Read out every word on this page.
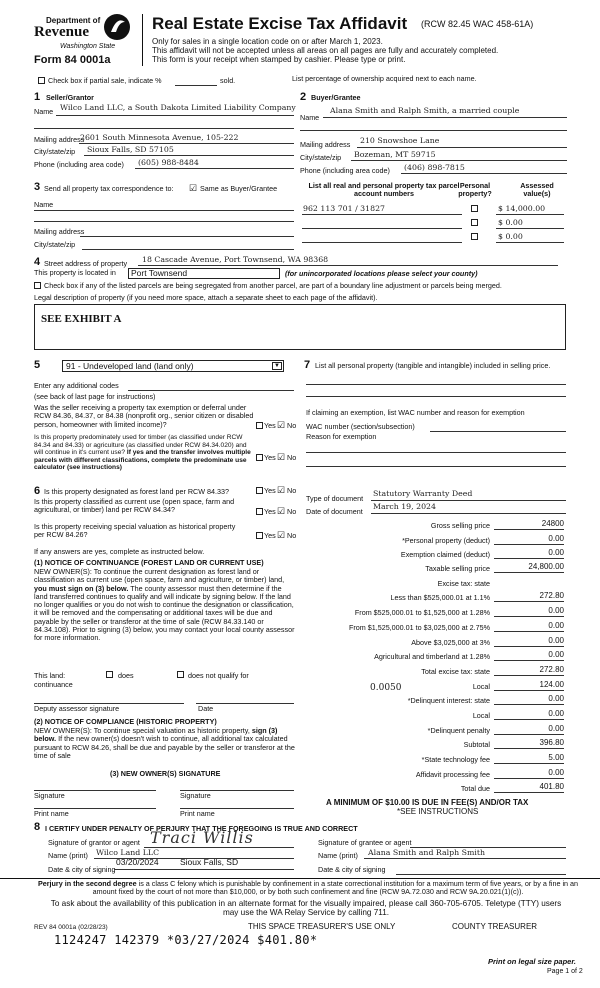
Department of
Revenue
Washington State
Form 84 0001a
Real Estate Excise Tax Affidavit (RCW 82.45 WAC 458-61A)
Only for sales in a single location code on or after March 1, 2023.
This affidavit will not be accepted unless all areas on all pages are fully and accurately completed.
This form is your receipt when stamped by cashier. Please type or print.
Check box if partial sale, indicate %	sold.	List percentage of ownership acquired next to each name.
1 Seller/Grantor
Name Wilco Land LLC, a South Dakota Limited Liability Company
Mailing address
2601 South Minnesota Avenue, 105-222
City/state/zip Sioux Falls, SD 57105
Phone (including area code) (605) 988-8484
2 Buyer/Grantee
Name
Alana Smith and Ralph Smith, a married couple
Mailing address 210 Snowshoe Lane
City/state/zip Bozeman, MT 59715
Phone (including area code) (406) 898-7815
3 Send all property tax correspondence to: ☑ Same as Buyer/Grantee
Name
Mailing address
City/state/zip
List all real and personal property tax parcel account numbers
Personal property?
Assessed value(s)
962 113 701 / 31827	$ 14,000.00
$ 0.00
$ 0.00
4 Street address of property 18 Cascade Avenue, Port Townsend, WA 98368
This property is located in	Port Townsend	(for unincorporated locations please select your county)
Check box if any of the listed parcels are being segregated from another parcel, are part of a boundary line adjustment or parcels being merged.
Legal description of property (if you need more space, attach a separate sheet to each page of the affidavit).
SEE EXHIBIT A
5	91 - Undeveloped land (land only)	▼
Enter any additional codes
(see back of last page for instructions)
Was the seller receiving a property tax exemption or deferral under RCW 84.36, 84.37, or 84.38 (nonprofit org., senior citizen or disabled person, homeowner with limited income)?	Yes ☑ No
Is this property predominately used for timber (as classified under RCW 84.34 and 84.33) or agriculture (as classified under RCW 84.34.020) and will continue in it's current use? If yes and the transfer involves multiple parcels with different classifications, complete the predominate use calculator (see instructions)
Yes ☑ No
6 Is this property designated as forest land per RCW 84.33?	Yes ☑ No
Is this property classified as current use (open space, farm and agricultural, or timber) land per RCW 84.34?	Yes ☑ No
Is this property receiving special valuation as historical property per RCW 84.26?	Yes ☑ No
If any answers are yes, complete as instructed below.
(1) NOTICE OF CONTINUANCE (FOREST LAND OR CURRENT USE)
NEW OWNER(S): To continue the current designation as forest land or classification as current use (open space, farm and agriculture, or timber) land, you must sign on (3) below. The county assessor must then determine if the land transferred continues to qualify and will indicate by signing below. If the land no longer qualifies or you do not wish to continue the designation or classification, it will be removed and the compensating or additional taxes will be due and payable by the seller or transferor at the time of sale (RCW 84.33.140 or 84.34.108). Prior to signing (3) below, you may contact your local county assessor for more information.
This land:	does	does not qualify for
continuance
Deputy assessor signature	Date
(2) NOTICE OF COMPLIANCE (HISTORIC PROPERTY)
NEW OWNER(S): To continue special valuation as historic property, sign (3) below. If the new owner(s) doesn't wish to continue, all additional tax calculated pursuant to RCW 84.26, shall be due and payable by the seller or transferor at the time of sale
(3) NEW OWNER(S) SIGNATURE
Signature	Signature
Print name	Print name
7 List all personal property (tangible and intangible) included in selling price.
If claiming an exemption, list WAC number and reason for exemption
WAC number (section/subsection)
Reason for exemption
Type of document
Statutory Warranty Deed
Date of document
March 19, 2024
Gross selling price	24800
*Personal property (deduct)	0.00
Exemption claimed (deduct)	0.00
Taxable selling price	24,800.00
Excise tax: state
Less than $525,000.01 at 1.1%	272.80
From $525,000.01 to $1,525,000 at 1.28%	0.00
From $1,525,000.01 to $3,025,000 at 2.75%	0.00
Above $3,025,000 at 3%	0.00
Agricultural and timberland at 1.28%	0.00
Total excise tax: state	272.80
Local	124.00
*Delinquent interest: state	0.00
Local	0.00
*Delinquent penalty	0.00
Subtotal	396.80
*State technology fee	5.00
Affidavit processing fee	0.00
Total due	401.80
0.0050
A MINIMUM OF $10.00 IS DUE IN FEE(S) AND/OR TAX
*SEE INSTRUCTIONS
8 I CERTIFY UNDER PENALTY OF PERJURY THAT THE FOREGOING IS TRUE AND CORRECT
Signature of grantor or agent Traci Willis
Name (print) Wilco Land LLC
Date & city of signing
03/20/2024	Sioux Falls, SD
Signature of grantee or agent
Name (print) Alana Smith and Ralph Smith
Date & city of signing
Perjury in the second degree is a class C felony which is punishable by confinement in a state correctional institution for a maximum term of five years, or by a fine in an amount fixed by the court of not more than $10,000, or by both such confinement and fine (RCW 9A.72.030 and RCW 9A.20.021(1)(c)).
To ask about the availability of this publication in an alternate format for the visually impaired, please call 360-705-6705. Teletype (TTY) users may use the WA Relay Service by calling 711.
REV 84 0001a (02/28/23)	THIS SPACE TREASURER'S USE ONLY	COUNTY TREASURER
1124247 142379 *03/27/2024 $401.80*
Print on legal size paper.
Page 1 of 2
